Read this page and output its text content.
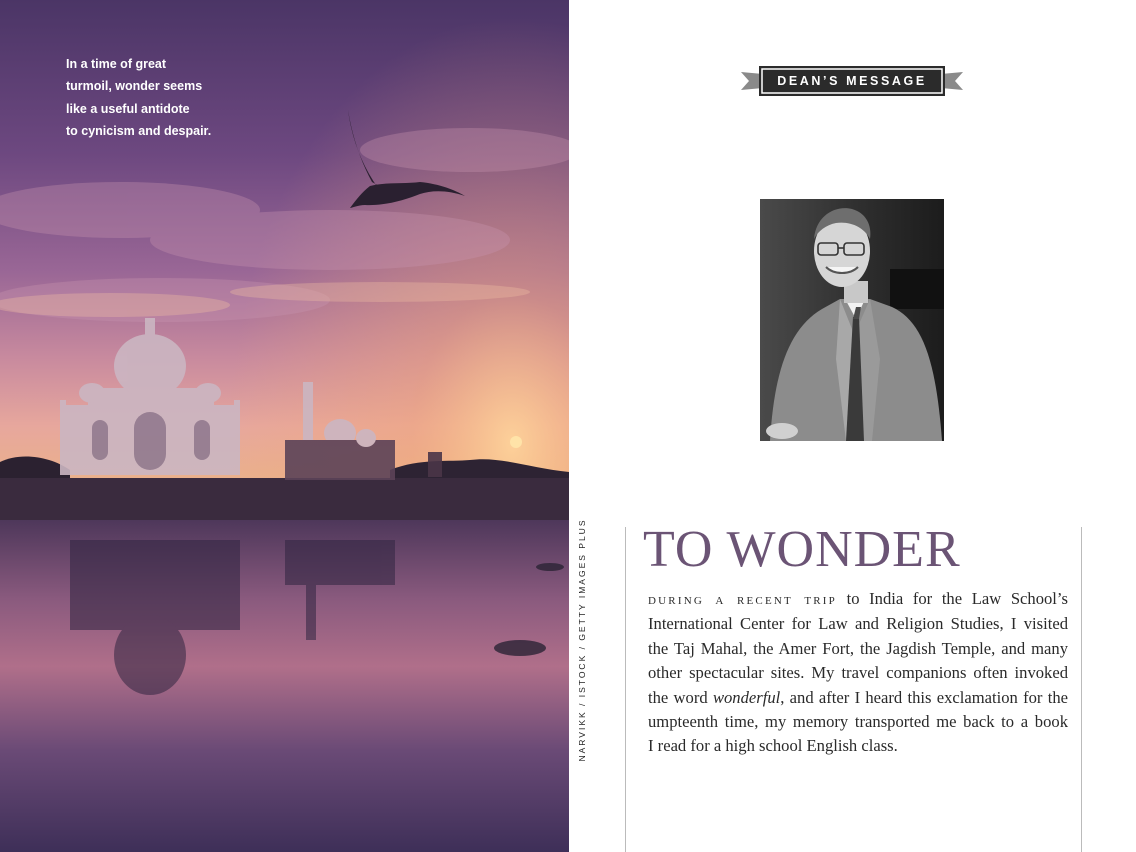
In a time of great
turmoil, wonder seems
like a useful antidote
to cynicism and despair.
NARVIKK / ISTOCK / GETTY IMAGES PLUS
DEAN’S MESSAGE
TO WONDER
during a recent trip to India for the Law School’s
International Center for Law and Religion Studies, I visited
the Taj Mahal, the Amer Fort, the Jagdish Temple, and many
other spectacular sites. My travel companions often invoked
the word wonderful, and after I heard this exclamation for the
umpteenth time, my memory transported me back to a book
I read for a high school English class.
